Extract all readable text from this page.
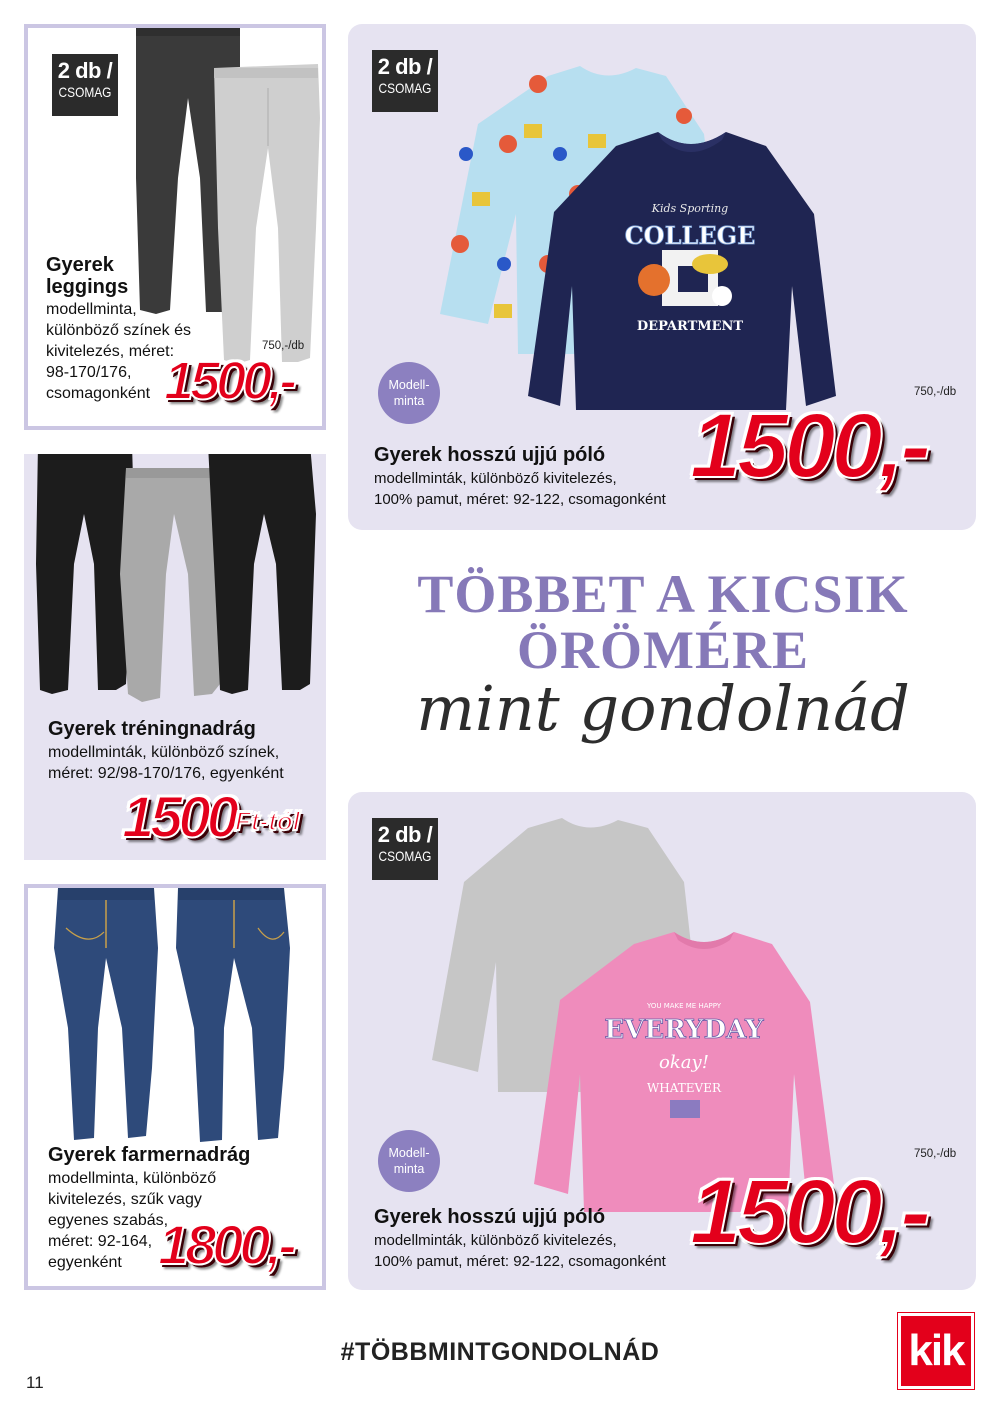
2 db /
CSOMAG
Gyerek
leggings
modellminta,
különböző színek és
kivitelezés, méret:
98-170/176,
csomagonként
750,-/db
1500,-
2 db /
CSOMAG
Kids Sporting
COLLEGE
DEPARTMENT
Modell-
minta
Gyerek hosszú ujjú póló
modellminták, különböző kivitelezés,
100% pamut, méret: 92-122, csomagonként
750,-/db
1500,-
Gyerek tréningnadrág
modellminták, különböző színek,
méret: 92/98-170/176, egyenként
1500Ft-tól
Gyerek farmernadrág
modellminta, különböző
kivitelezés, szűk vagy
egyenes szabás,
méret: 92-164,
egyenként 1800,-
TÖBBET A KICSIK
ÖRÖMÉRE
mint gondolnád
2 db /
CSOMAG
YOU MAKE ME HAPPY
EVERYDAY
okay!
WHATEVER
Modell-
minta
Gyerek hosszú ujjú póló
modellminták, különböző kivitelezés,
100% pamut, méret: 92-122, csomagonként
750,-/db
1500,-
#TÖBBMINTGONDOLNÁD
11
kik
